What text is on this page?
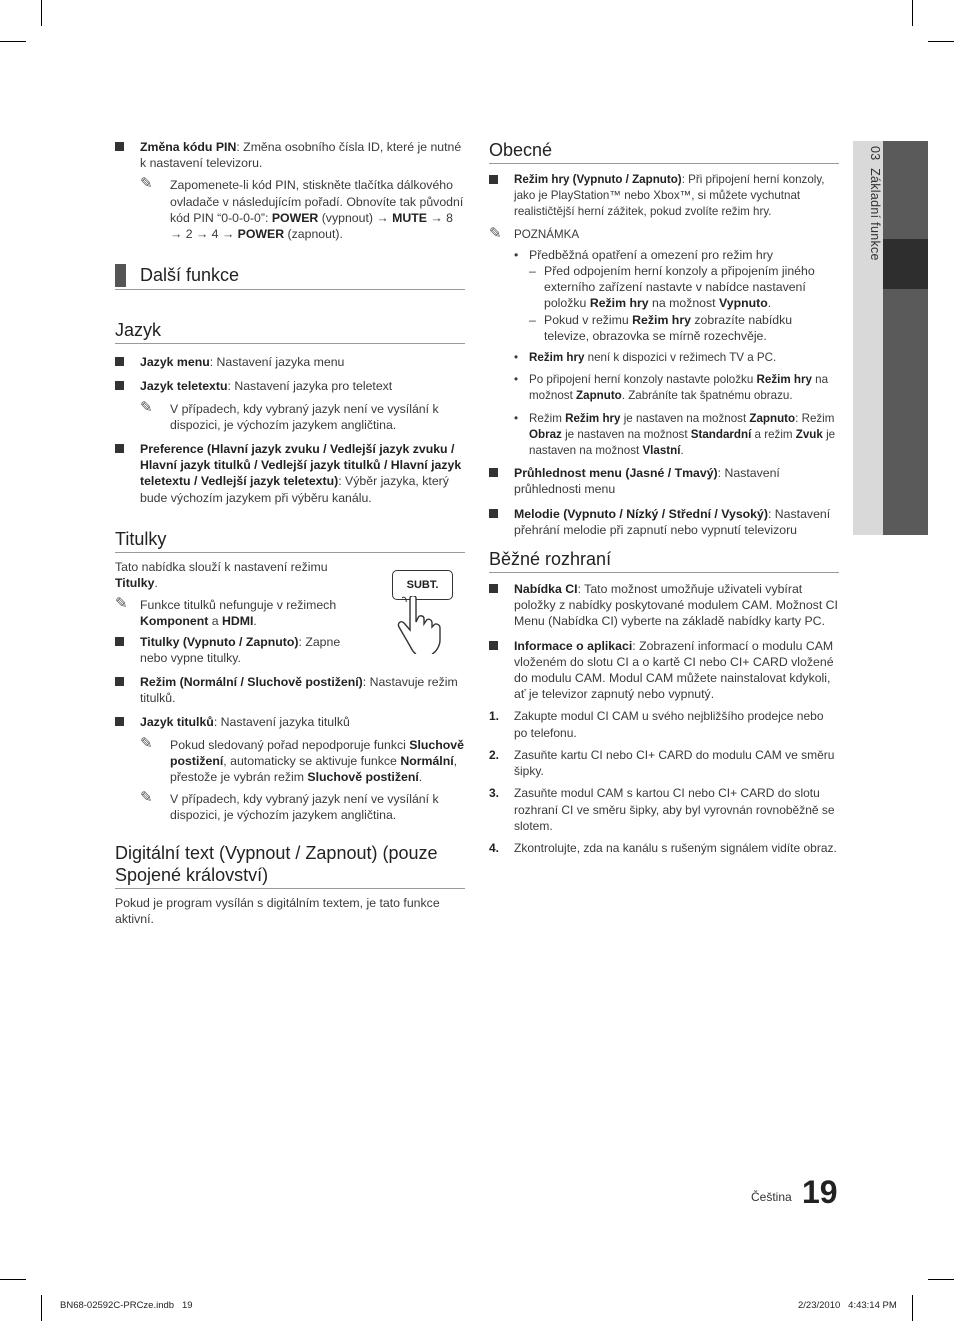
03  Základní funkce
Změna kódu PIN: Změna osobního čísla ID, které je nutné k nastavení televizoru.
✎ Zapomenete-li kód PIN, stiskněte tlačítka dálkového ovladače v následujícím pořadí. Obnovíte tak původní kód PIN “0-0-0-0”: POWER (vypnout) → MUTE → 8 → 2 → 4 → POWER (zapnout).
Další funkce
Jazyk
Jazyk menu: Nastavení jazyka menu
Jazyk teletextu: Nastavení jazyka pro teletext
✎ V případech, kdy vybraný jazyk není ve vysílání k dispozici, je výchozím jazykem angličtina.
Preference (Hlavní jazyk zvuku / Vedlejší jazyk zvuku / Hlavní jazyk titulků / Vedlejší jazyk titulků / Hlavní jazyk teletextu / Vedlejší jazyk teletextu): Výběr jazyka, který bude výchozím jazykem při výběru kanálu.
Titulky
Tato nabídka slouží k nastavení režimu Titulky.
✎ Funkce titulků nefunguje v režimech Komponent a HDMI.
Titulky (Vypnuto / Zapnuto): Zapne nebo vypne titulky.
Režim (Normální / Sluchově postižení): Nastavuje režim titulků.
Jazyk titulků: Nastavení jazyka titulků
✎ Pokud sledovaný pořad nepodporuje funkci Sluchově postižení, automaticky se aktivuje funkce Normální, přestože je vybrán režim Sluchově postižení.
✎ V případech, kdy vybraný jazyk není ve vysílání k dispozici, je výchozím jazykem angličtina.
Digitální text (Vypnout / Zapnout) (pouze Spojené království)
Pokud je program vysílán s digitálním textem, je tato funkce aktivní.
SUBT.
Obecné
Režim hry (Vypnuto / Zapnuto): Při připojení herní konzoly, jako je PlayStation™ nebo Xbox™, si můžete vychutnat realističtější herní zážitek, pokud zvolíte režim hry.
✎ POZNÁMKA
• Předběžná opatření a omezení pro režim hry
– Před odpojením herní konzoly a připojením jiného externího zařízení nastavte v nabídce nastavení položku Režim hry na možnost Vypnuto.
– Pokud v režimu Režim hry zobrazíte nabídku televize, obrazovka se mírně rozechvěje.
• Režim hry není k dispozici v režimech TV a PC.
• Po připojení herní konzoly nastavte položku Režim hry na možnost Zapnuto. Zabráníte tak špatnému obrazu.
• Režim Režim hry je nastaven na možnost Zapnuto: Režim Obraz je nastaven na možnost Standardní a režim Zvuk je nastaven na možnost Vlastní.
Průhlednost menu (Jasné / Tmavý): Nastavení průhlednosti menu
Melodie (Vypnuto / Nízký / Střední / Vysoký): Nastavení přehrání melodie při zapnutí nebo vypnutí televizoru
Běžné rozhraní
Nabídka CI: Tato možnost umožňuje uživateli vybírat položky z nabídky poskytované modulem CAM. Možnost CI Menu (Nabídka CI) vyberte na základě nabídky karty PC.
Informace o aplikaci: Zobrazení informací o modulu CAM vloženém do slotu CI a o kartě CI nebo CI+ CARD vložené do modulu CAM. Modul CAM můžete nainstalovat kdykoli, ať je televizor zapnutý nebo vypnutý.
1. Zakupte modul CI CAM u svého nejbližšího prodejce nebo po telefonu.
2. Zasuňte kartu CI nebo CI+ CARD do modulu CAM ve směru šipky.
3. Zasuňte modul CAM s kartou CI nebo CI+ CARD do slotu rozhraní CI ve směru šipky, aby byl vyrovnán rovnoběžně se slotem.
4. Zkontrolujte, zda na kanálu s rušeným signálem vidíte obraz.
Čeština 19
BN68-02592C-PRCze.indb   19	2/23/2010   4:43:14 PM
